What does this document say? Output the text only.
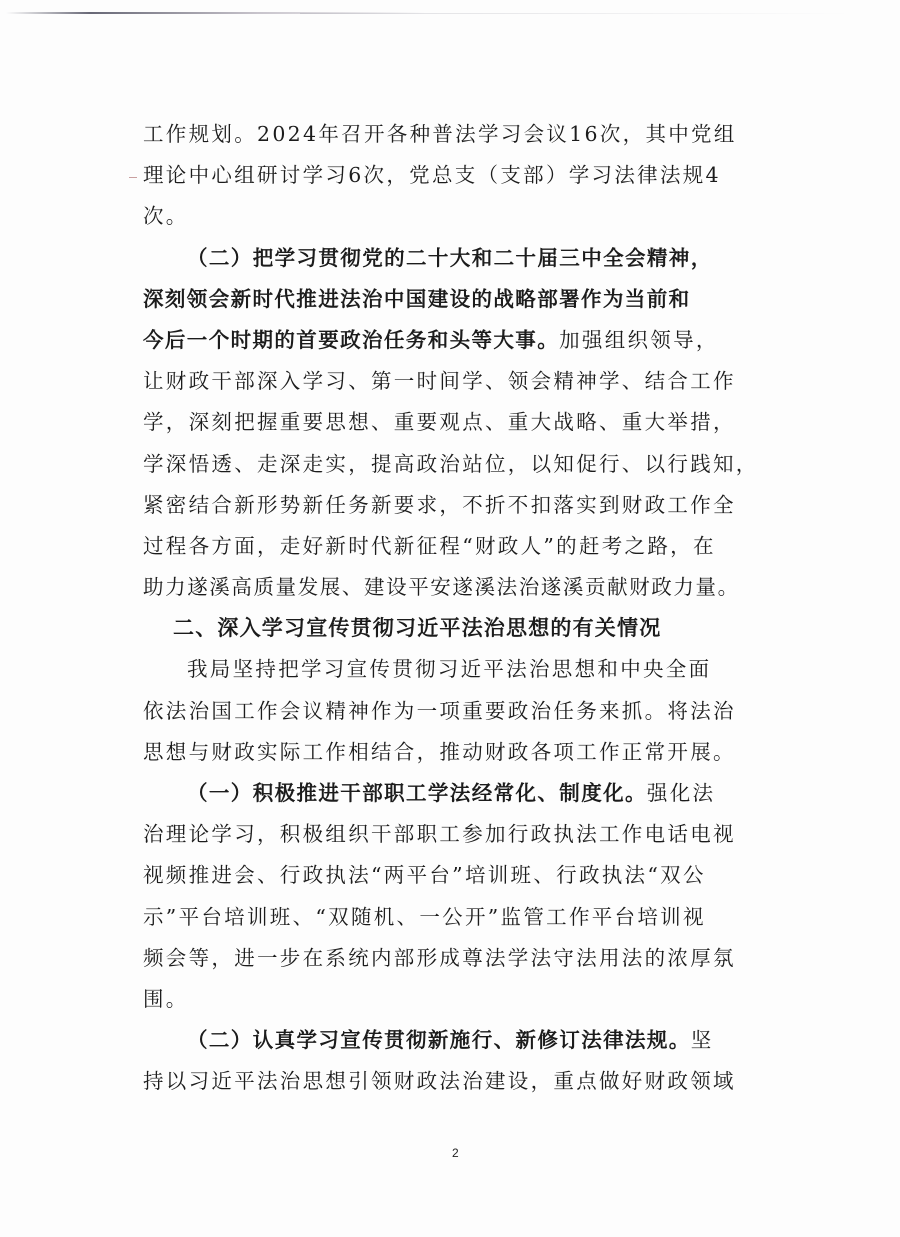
工作规划。2024年召开各种普法学习会议16次，其中党组
理论中心组研讨学习6次，党总支（支部）学习法律法规4
次。
（二）把学习贯彻党的二十大和二十届三中全会精神，
深刻领会新时代推进法治中国建设的战略部署作为当前和
今后一个时期的首要政治任务和头等大事。加强组织领导，
让财政干部深入学习、第一时间学、领会精神学、结合工作
学，深刻把握重要思想、重要观点、重大战略、重大举措，
学深悟透、走深走实，提高政治站位，以知促行、以行践知，
紧密结合新形势新任务新要求，不折不扣落实到财政工作全
过程各方面，走好新时代新征程“财政人”的赶考之路，在
助力遂溪高质量发展、建设平安遂溪法治遂溪贡献财政力量。
二、深入学习宣传贯彻习近平法治思想的有关情况
我局坚持把学习宣传贯彻习近平法治思想和中央全面
依法治国工作会议精神作为一项重要政治任务来抓。将法治
思想与财政实际工作相结合，推动财政各项工作正常开展。
（一）积极推进干部职工学法经常化、制度化。强化法
治理论学习，积极组织干部职工参加行政执法工作电话电视
视频推进会、行政执法“两平台”培训班、行政执法“双公
示”平台培训班、“双随机、一公开”监管工作平台培训视
频会等，进一步在系统内部形成尊法学法守法用法的浓厚氛
围。
（二）认真学习宣传贯彻新施行、新修订法律法规。坚
持以习近平法治思想引领财政法治建设，重点做好财政领域
2
